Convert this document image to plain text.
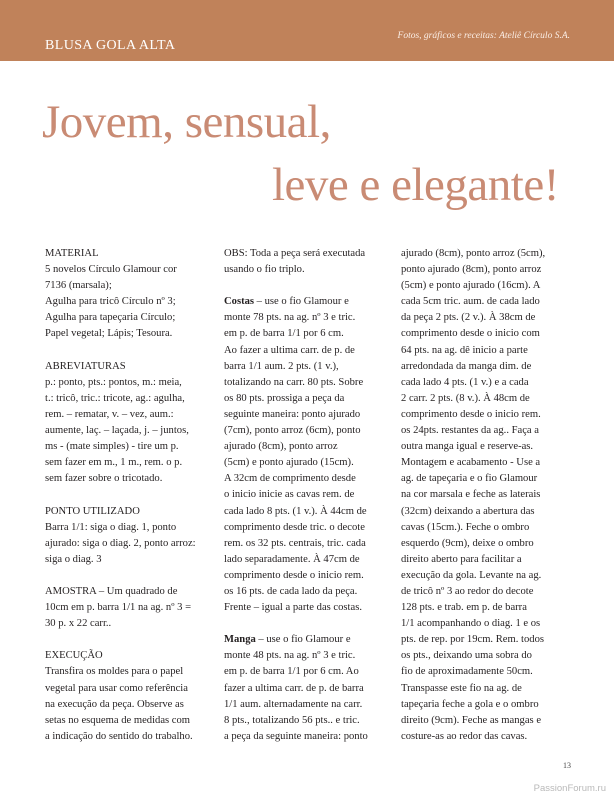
BLUSA GOLA ALTA
Fotos, gráficos e receitas: Ateliê Círculo S.A.
Jovem, sensual,
leve e elegante!
MATERIAL
5 novelos Círculo Glamour cor
7136 (marsala);
Agulha para tricô Círculo nº 3;
Agulha para tapeçaria Círculo;
Papel vegetal; Lápis; Tesoura.
ABREVIATURAS
p.: ponto, pts.: pontos, m.: meia,
t.: tricô, tric.: tricote, ag.: agulha,
rem. – rematar, v. – vez, aum.:
aumente, laç. – laçada, j. – juntos,
ms - (mate simples) - tire um p.
sem fazer em m., 1 m., rem. o p.
sem fazer sobre o tricotado.
PONTO UTILIZADO
Barra 1/1: siga o diag. 1, ponto
ajurado: siga o diag. 2, ponto arroz:
siga o diag. 3
AMOSTRA – Um quadrado de
10cm em p. barra 1/1 na ag. nº 3 =
30 p. x 22 carr..
EXECUÇÃO
Transfira os moldes para o papel
vegetal para usar como referência
na execução da peça. Observe as
setas no esquema de medidas com
a indicação do sentido do trabalho.
OBS: Toda a peça será executada
usando o fio triplo.
Costas – use o fio Glamour e
monte 78 pts. na ag. nº 3 e tric.
em p. de barra 1/1 por 6 cm.
Ao fazer a ultima carr. de p. de
barra 1/1 aum. 2 pts. (1 v.),
totalizando na carr. 80 pts. Sobre
os 80 pts. prossiga a peça da
seguinte maneira: ponto ajurado
(7cm), ponto arroz (6cm), ponto
ajurado (8cm), ponto arroz
(5cm) e ponto ajurado (15cm).
A 32cm de comprimento desde
o inicio inicie as cavas rem. de
cada lado 8 pts. (1 v.). À 44cm de
comprimento desde tric. o decote
rem. os 32 pts. centrais, tric. cada
lado separadamente. À 47cm de
comprimento desde o inicio rem.
os 16 pts. de cada lado da peça.
Frente – igual a parte das costas.
Manga – use o fio Glamour e
monte 48 pts. na ag. nº 3 e tric.
em p. de barra 1/1 por 6 cm. Ao
fazer a ultima carr. de p. de barra
1/1 aum. alternadamente na carr.
8 pts., totalizando 56 pts.. e tric.
a peça da seguinte maneira: ponto
ajurado (8cm), ponto arroz (5cm),
ponto ajurado (8cm), ponto arroz
(5cm) e ponto ajurado (16cm). A
cada 5cm tric. aum. de cada lado
da peça 2 pts. (2 v.). À 38cm de
comprimento desde o inicio com
64 pts. na ag. dê inicio a parte
arredondada da manga dim. de
cada lado 4 pts. (1 v.) e a cada
2 carr. 2 pts. (8 v.). À 48cm de
comprimento desde o inicio rem.
os 24pts. restantes da ag.. Faça a
outra manga igual e reserve-as.
Montagem e acabamento - Use a
ag. de tapeçaria e o fio Glamour
na cor marsala e feche as laterais
(32cm) deixando a abertura das
cavas (15cm.). Feche o ombro
esquerdo (9cm), deixe o ombro
direito aberto para facilitar a
execução da gola. Levante na ag.
de tricô nº 3 ao redor do decote
128 pts. e trab. em p. de barra
1/1 acompanhando o diag. 1 e os
pts. de rep. por 19cm. Rem. todos
os pts., deixando uma sobra do
fio de aproximadamente 50cm.
Transpasse este fio na ag. de
tapeçaria feche a gola e o ombro
direito (9cm). Feche as mangas e
costure-as ao redor das cavas.
13
PassionForum.ru
